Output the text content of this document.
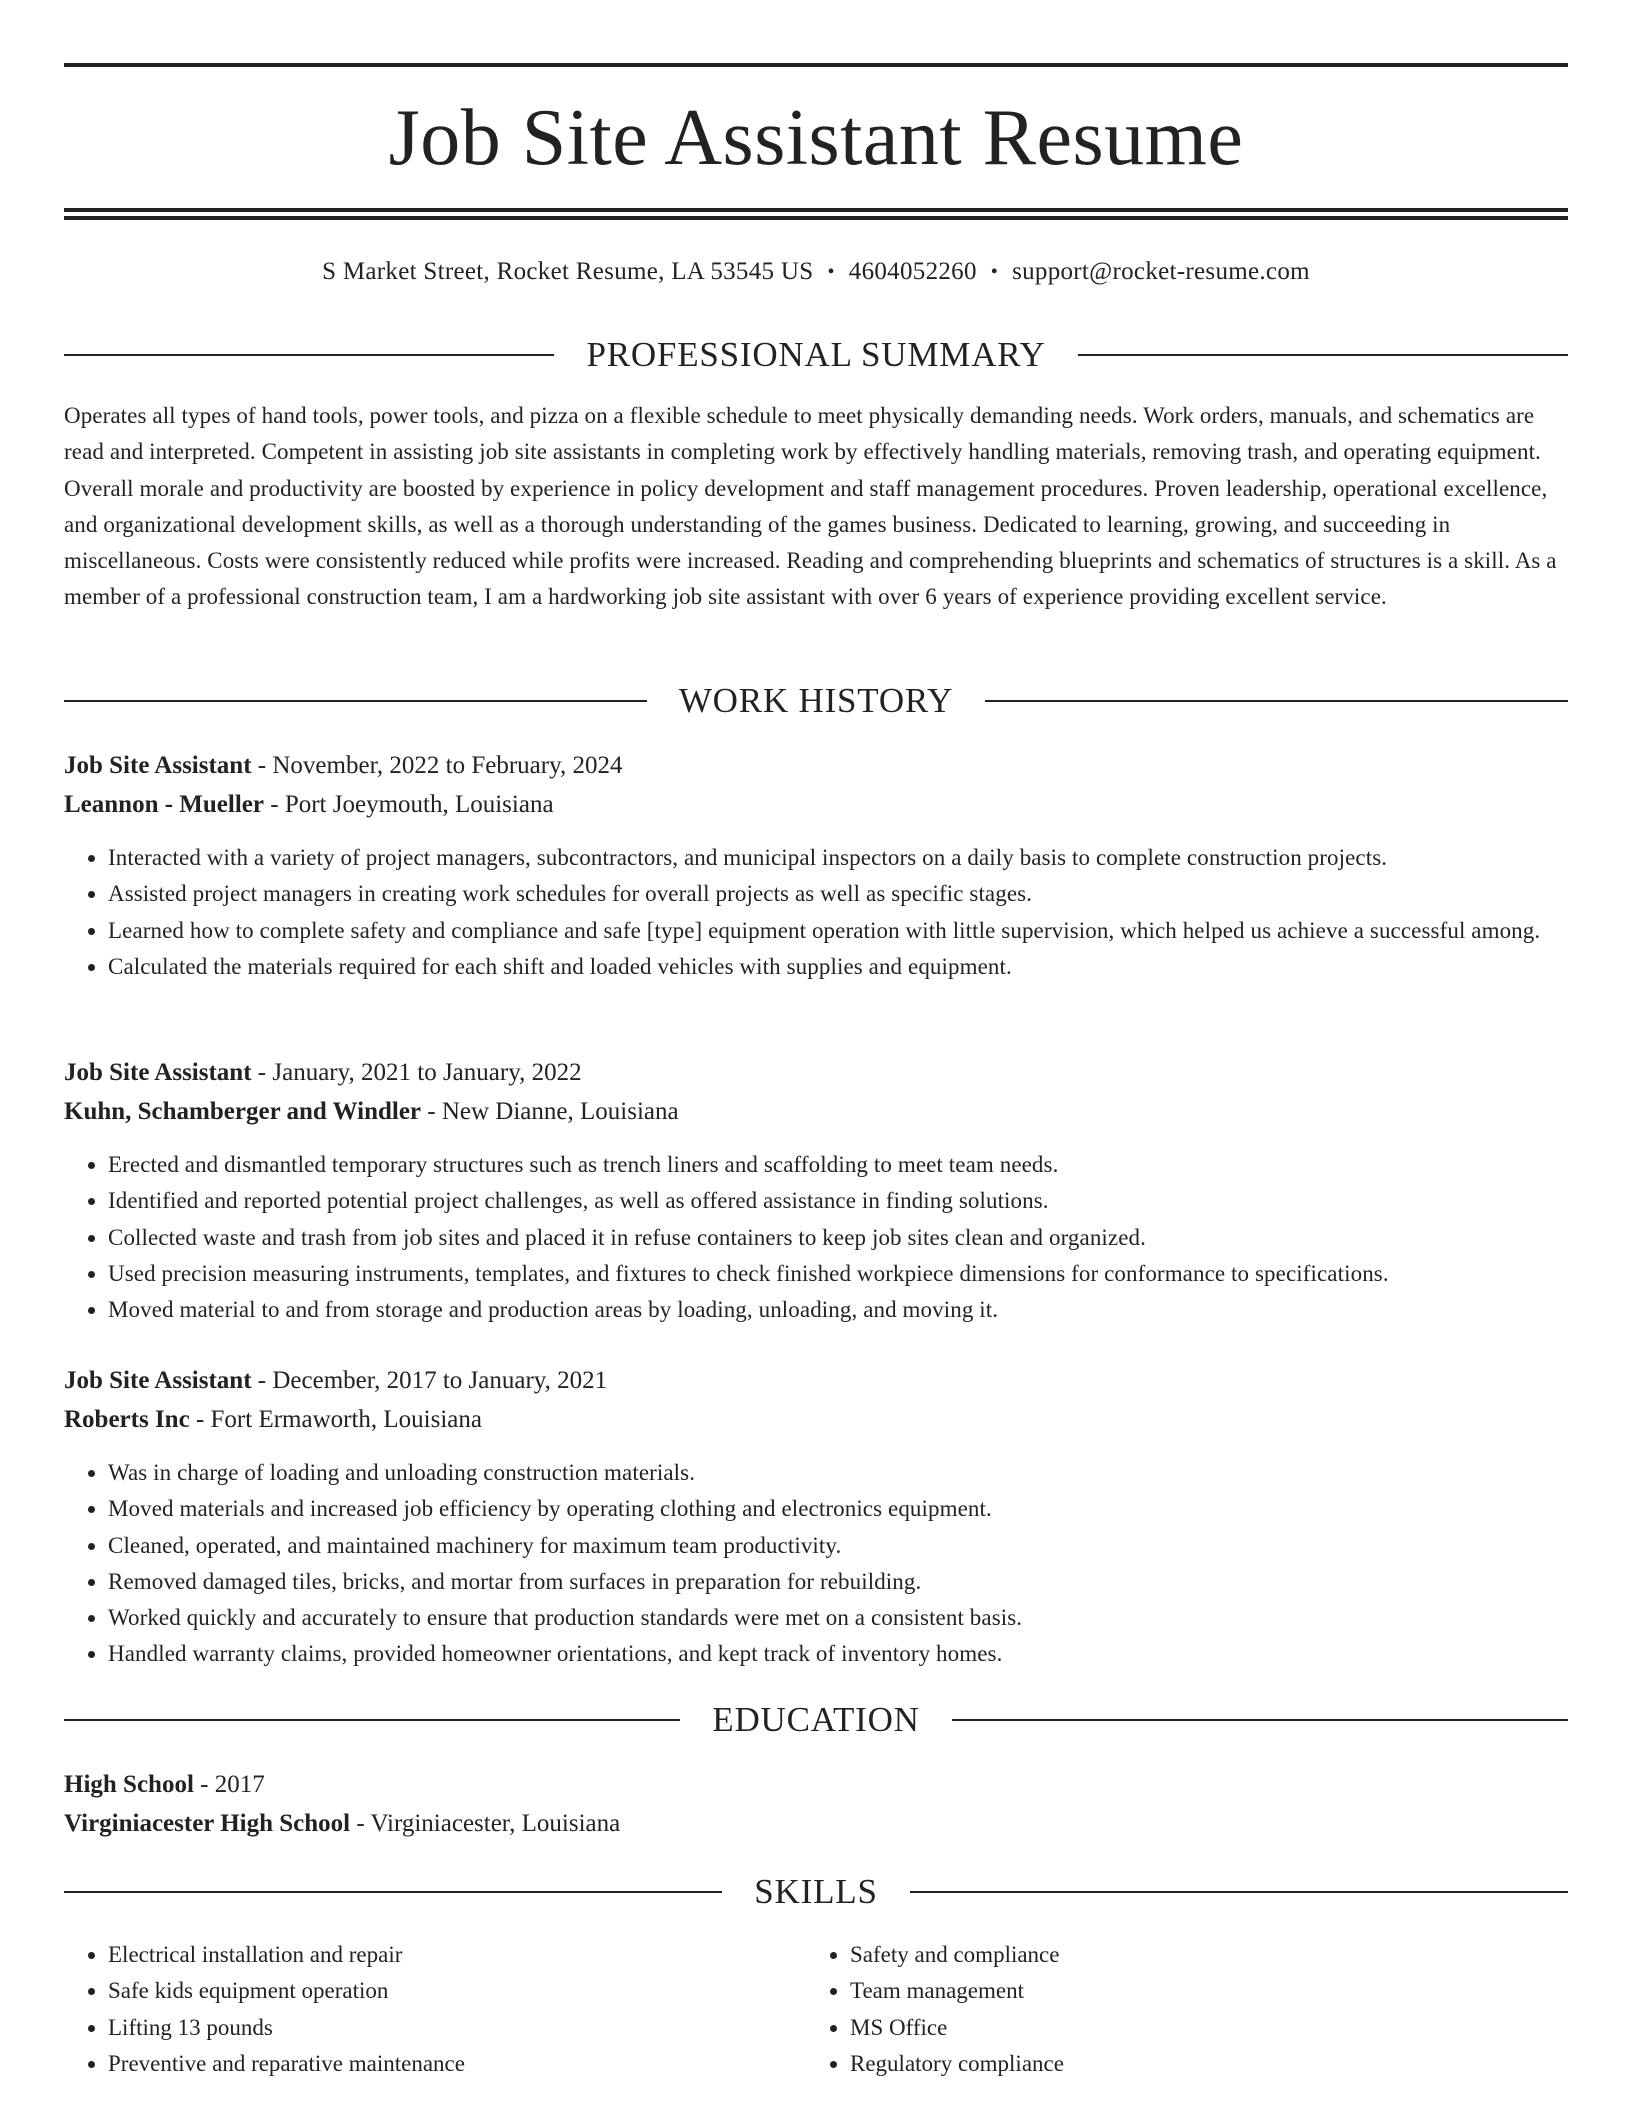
Job Site Assistant Resume
S Market Street, Rocket Resume, LA 53545 US • 4604052260 • support@rocket-resume.com
PROFESSIONAL SUMMARY
Operates all types of hand tools, power tools, and pizza on a flexible schedule to meet physically demanding needs. Work orders, manuals, and schematics are read and interpreted. Competent in assisting job site assistants in completing work by effectively handling materials, removing trash, and operating equipment. Overall morale and productivity are boosted by experience in policy development and staff management procedures. Proven leadership, operational excellence, and organizational development skills, as well as a thorough understanding of the games business. Dedicated to learning, growing, and succeeding in miscellaneous. Costs were consistently reduced while profits were increased. Reading and comprehending blueprints and schematics of structures is a skill. As a member of a professional construction team, I am a hardworking job site assistant with over 6 years of experience providing excellent service.
WORK HISTORY
Job Site Assistant - November, 2022 to February, 2024
Leannon - Mueller - Port Joeymouth, Louisiana
• Interacted with a variety of project managers, subcontractors, and municipal inspectors on a daily basis to complete construction projects.
• Assisted project managers in creating work schedules for overall projects as well as specific stages.
• Learned how to complete safety and compliance and safe [type] equipment operation with little supervision, which helped us achieve a successful among.
• Calculated the materials required for each shift and loaded vehicles with supplies and equipment.
Job Site Assistant - January, 2021 to January, 2022
Kuhn, Schamberger and Windler - New Dianne, Louisiana
• Erected and dismantled temporary structures such as trench liners and scaffolding to meet team needs.
• Identified and reported potential project challenges, as well as offered assistance in finding solutions.
• Collected waste and trash from job sites and placed it in refuse containers to keep job sites clean and organized.
• Used precision measuring instruments, templates, and fixtures to check finished workpiece dimensions for conformance to specifications.
• Moved material to and from storage and production areas by loading, unloading, and moving it.
Job Site Assistant - December, 2017 to January, 2021
Roberts Inc - Fort Ermaworth, Louisiana
• Was in charge of loading and unloading construction materials.
• Moved materials and increased job efficiency by operating clothing and electronics equipment.
• Cleaned, operated, and maintained machinery for maximum team productivity.
• Removed damaged tiles, bricks, and mortar from surfaces in preparation for rebuilding.
• Worked quickly and accurately to ensure that production standards were met on a consistent basis.
• Handled warranty claims, provided homeowner orientations, and kept track of inventory homes.
EDUCATION
High School - 2017
Virginiacester High School - Virginiacester, Louisiana
SKILLS
• Electrical installation and repair
• Safe kids equipment operation
• Lifting 13 pounds
• Preventive and reparative maintenance
• Safety and compliance
• Team management
• MS Office
• Regulatory compliance
